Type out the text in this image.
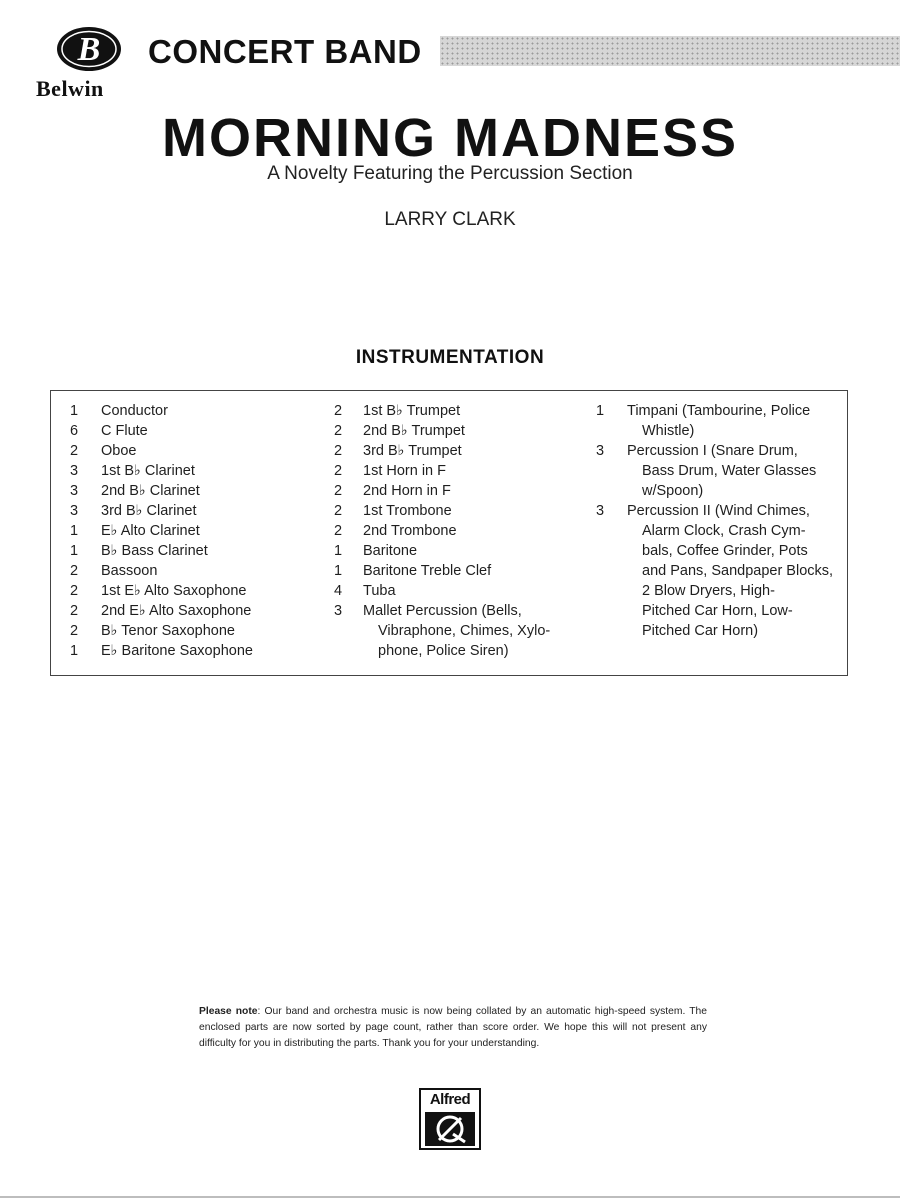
B
Belwin
CONCERT BAND
MORNING MADNESS
A Novelty Featuring the Percussion Section
LARRY CLARK
INSTRUMENTATION
1	Conductor
6	C Flute
2	Oboe
3	1st B♭ Clarinet
3	2nd B♭ Clarinet
3	3rd B♭ Clarinet
1	E♭ Alto Clarinet
1	B♭ Bass Clarinet
2	Bassoon
2	1st E♭ Alto Saxophone
2	2nd E♭ Alto Saxophone
2	B♭ Tenor Saxophone
1	E♭ Baritone Saxophone
2	1st B♭ Trumpet
2	2nd B♭ Trumpet
2	3rd B♭ Trumpet
2	1st Horn in F
2	2nd Horn in F
2	1st Trombone
2	2nd Trombone
1	Baritone
1	Baritone Treble Clef
4	Tuba
3	Mallet Percussion (Bells,
Vibraphone, Chimes, Xylo-
phone, Police Siren)
1	Timpani (Tambourine, Police
Whistle)
3	Percussion I (Snare Drum,
Bass Drum, Water Glasses
w/Spoon)
3	Percussion II (Wind Chimes,
Alarm Clock, Crash Cym-
bals, Coffee Grinder, Pots
and Pans, Sandpaper Blocks,
2 Blow Dryers, High-
Pitched Car Horn, Low-
Pitched Car Horn)
Please note: Our band and orchestra music is now being collated by an automatic high-speed system. The enclosed parts are now sorted by page count, rather than score order. We hope this will not present any difficulty for you in distributing the parts. Thank you for your understanding.
Alfred
